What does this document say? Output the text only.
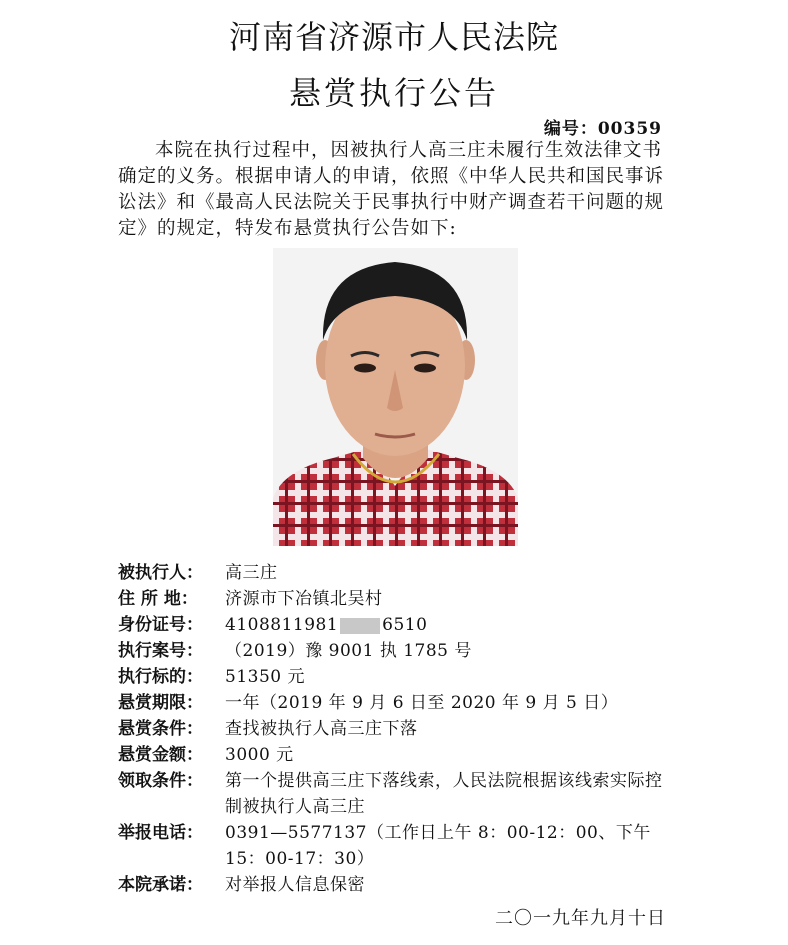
河南省济源市人民法院
悬赏执行公告
编号：00359
本院在执行过程中，因被执行人高三庄未履行生效法律文书确定的义务。根据申请人的申请，依照《中华人民共和国民事诉讼法》和《最高人民法院关于民事执行中财产调查若干问题的规定》的规定，特发布悬赏执行公告如下:
被执行人：	高三庄
住 所 地：	济源市下冶镇北吴村
身份证号：	4108811981	6510
执行案号：	（2019）豫 9001 执 1785 号
执行标的：	51350 元
悬赏期限：	一年（2019 年 9 月 6 日至 2020 年 9 月 5 日）
悬赏条件：	查找被执行人高三庄下落
悬赏金额：	3000 元
领取条件：	第一个提供高三庄下落线索，人民法院根据该线索实际控制被执行人高三庄
举报电话：	0391—5577137（工作日上午 8：00-12：00、下午 15：00-17：30）
本院承诺：	对举报人信息保密
二〇一九年九月十日
